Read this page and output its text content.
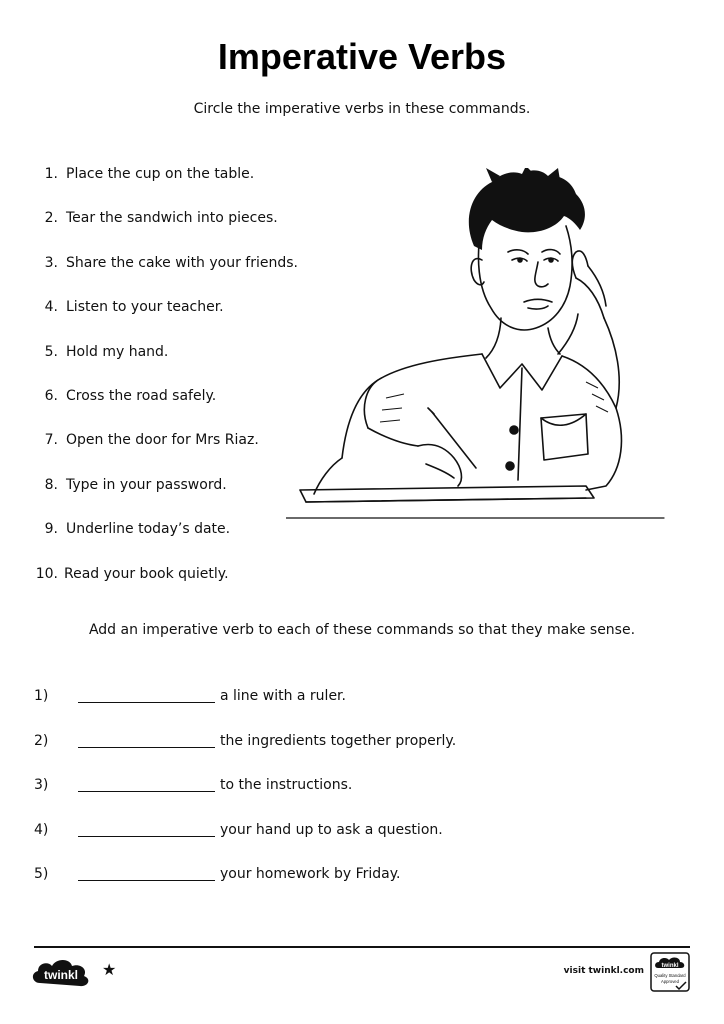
Imperative Verbs

Circle the imperative verbs in these commands.

1. Place the cup on the table.
2. Tear the sandwich into pieces.
3. Share the cake with your friends.
4. Listen to your teacher.
5. Hold my hand.
6. Cross the road safely.
7. Open the door for Mrs Riaz.
8. Type in your password.
9. Underline today’s date.
10. Read your book quietly.

Add an imperative verb to each of these commands so that they make sense.

1)	a line with a ruler.
2)	the ingredients together properly.
3)	to the instructions.
4)	your hand up to ask a question.
5)	your homework by Friday.
twinkl ★	visit twinkl.com	twinkl
Quality Standard
Approved
